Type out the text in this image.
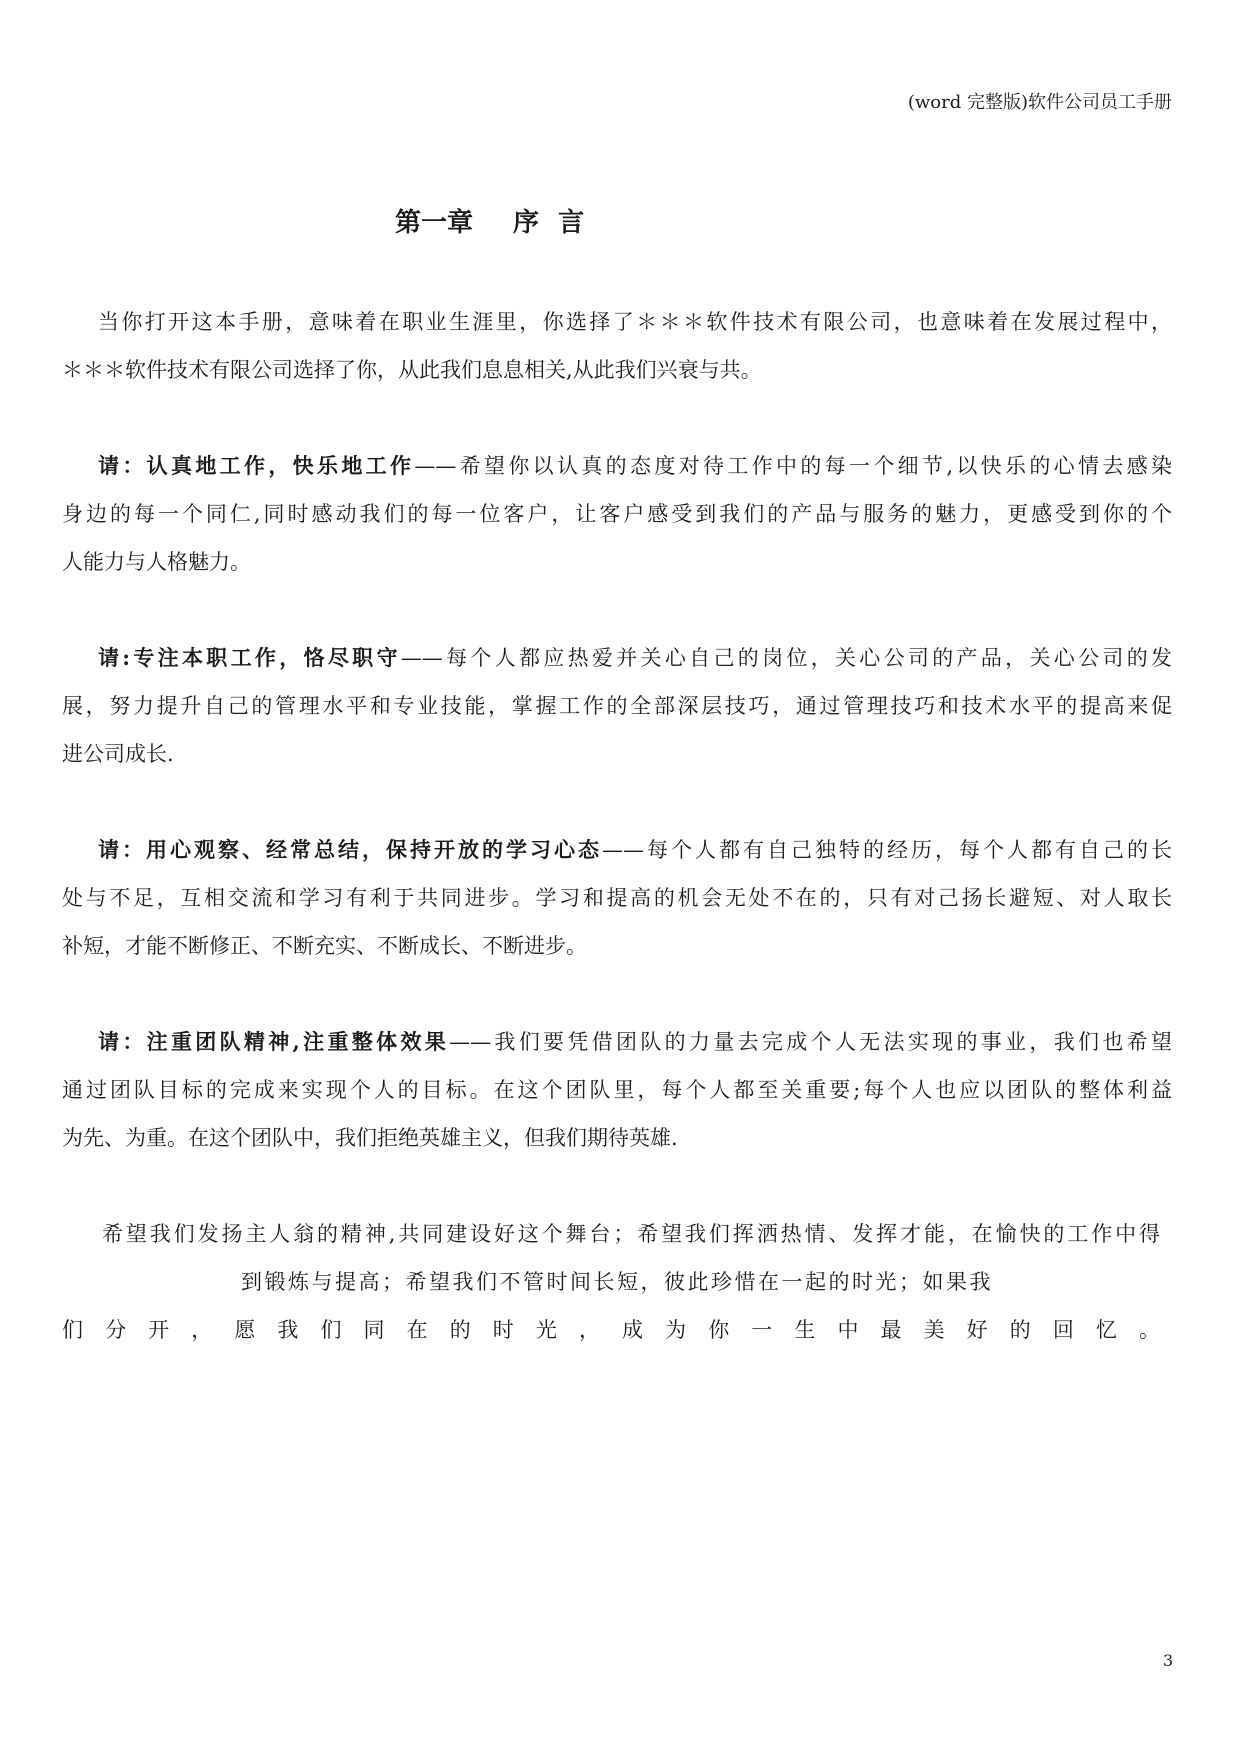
(word 完整版)软件公司员工手册
第一章 序 言
当你打开这本手册，意味着在职业生涯里，你选择了＊＊＊软件技术有限公司，也意味着在发展过程中，
＊＊＊软件技术有限公司选择了你，从此我们息息相关,从此我们兴衰与共。
请：认真地工作，快乐地工作——希望你以认真的态度对待工作中的每一个细节,以快乐的心情去感染
身边的每一个同仁,同时感动我们的每一位客户，让客户感受到我们的产品与服务的魅力，更感受到你的个
人能力与人格魅力。
请:专注本职工作，恪尽职守——每个人都应热爱并关心自己的岗位，关心公司的产品，关心公司的发
展，努力提升自己的管理水平和专业技能，掌握工作的全部深层技巧，通过管理技巧和技术水平的提高来促
进公司成长.
请：用心观察、经常总结，保持开放的学习心态——每个人都有自己独特的经历，每个人都有自己的长
处与不足，互相交流和学习有利于共同进步。学习和提高的机会无处不在的，只有对己扬长避短、对人取长
补短，才能不断修正、不断充实、不断成长、不断进步。
请：注重团队精神,注重整体效果——我们要凭借团队的力量去完成个人无法实现的事业，我们也希望
通过团队目标的完成来实现个人的目标。在这个团队里，每个人都至关重要;每个人也应以团队的整体利益
为先、为重。在这个团队中，我们拒绝英雄主义，但我们期待英雄.
希望我们发扬主人翁的精神,共同建设好这个舞台；希望我们挥洒热情、发挥才能，在愉快的工作中得
到锻炼与提高；希望我们不管时间长短，彼此珍惜在一起的时光；如果我
们分开，愿我们同在的时光，成为你一生中最美好的回忆。
3
